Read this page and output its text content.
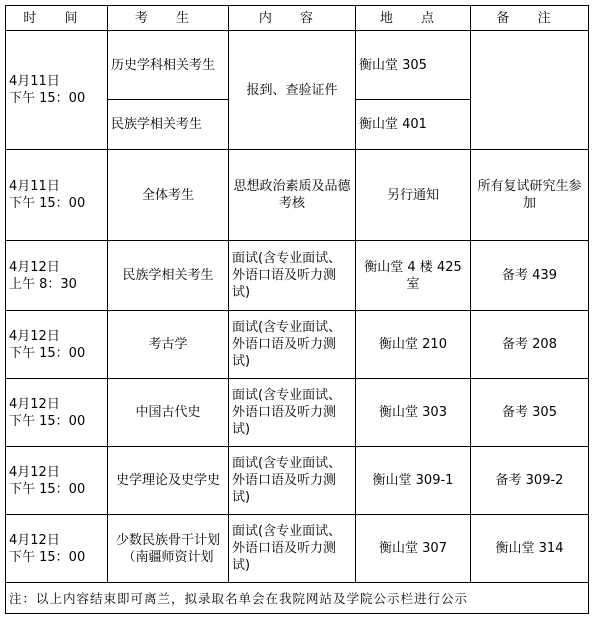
时 间	考 生	内 容	地 点	备 注

4月11日
下午 15：00	历史学科相关考生	报到、查验证件	衡山堂 305	
	民族学相关考生		衡山堂 401	

4月11日
下午 15：00	全体考生	思想政治素质及品德考核	另行通知	所有复试研究生参加

4月12日
上午 8：30	民族学相关考生	面试(含专业面试、外语口语及听力测试)	衡山堂 4 楼 425 室	备考 439

4月12日
下午 15：00	考古学	面试(含专业面试、外语口语及听力测试)	衡山堂 210	备考 208

4月12日
下午 15：00	中国古代史	面试(含专业面试、外语口语及听力测试)	衡山堂 303	备考 305

4月12日
下午 15：00	史学理论及史学史	面试(含专业面试、外语口语及听力测试)	衡山堂 309-1	备考 309-2

4月12日
下午 15：00	少数民族骨干计划（南疆师资计划	面试(含专业面试、外语口语及听力测试)	衡山堂 307	衡山堂 314
注：以上内容结束即可离兰，拟录取名单会在我院网站及学院公示栏进行公示				
